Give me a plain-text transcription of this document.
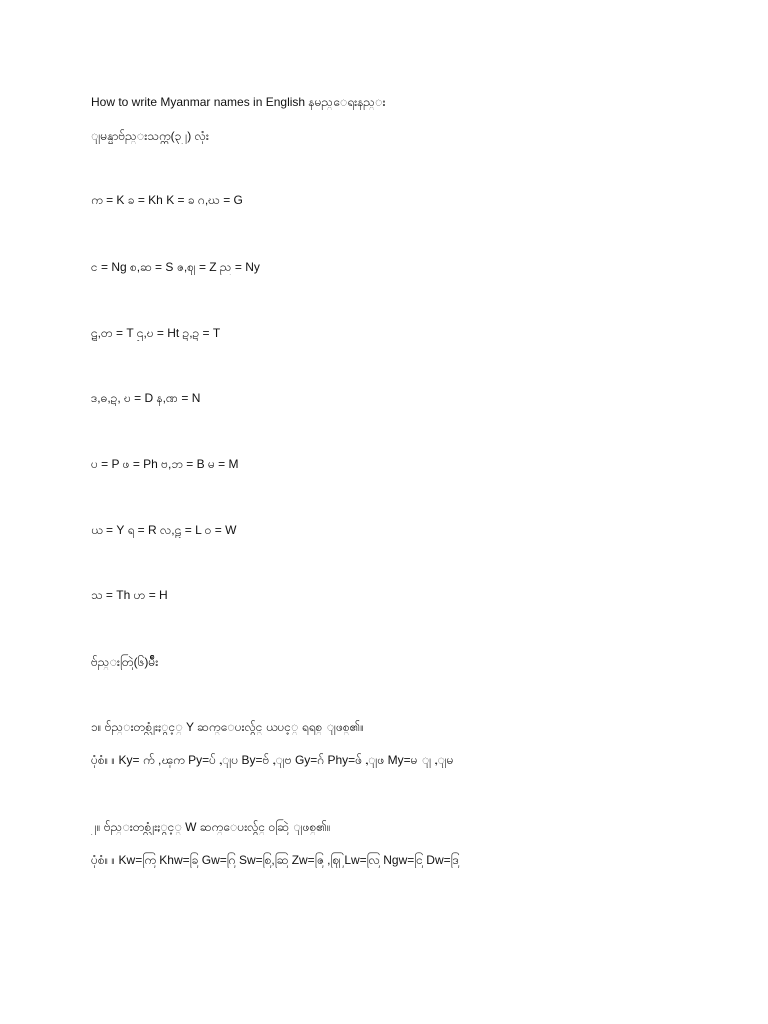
How to write Myanmar names in English နမည္ေရးနည္း
ျမန္မာဗ်ည္းသက္တ(၃၂) လုံး
က = K ခ = Kh K = ခ ဂ,ဃ = G
င = Ng စ,ဆ = S ဇ,ဈ = Z ည = Ny
ဋ,တ = T ဌ,ဎ = Ht ဍ,ဍ = T
ဒ,ဓ,ဍ, ဎ = D န,ဏ = N
ပ = P ဖ = Ph ဗ,ဘ = B မ = M
ယ = Y ရ = R လ,ဠ = L ဝ = W
သ = Th ဟ = H
ဗ်ည္းတြဲ(၆)မ်ိဳး
၁။ ဗ်ည္းတစ္လုံးႏွင့္ Y ဆက္ေပးလွ်င္ ယပင့္ ရရစ္ ျဖစ္၏။
ပုံစံ။ ။ Ky= က် ,ၾက Py=ပ် ,ျပ By=ဗ် ,ျဗ Gy=ဂ် Phy=ဖ် ,ျဖ My=မ ျ ,ျမ
၂။ ဗ်ည္းတစ္လုံးႏွင့္ W ဆက္ေပးလွ်င္ ဝဆြဲ ျဖစ္၏။
ပုံစံ။ ။ Kw=ကြ Khw=ခြ Gw=ဂြ Sw=စြ,ဆြ Zw=ဇြ ,ဈြ Lw=လြ Ngw=ငြ Dw=ဒြ
